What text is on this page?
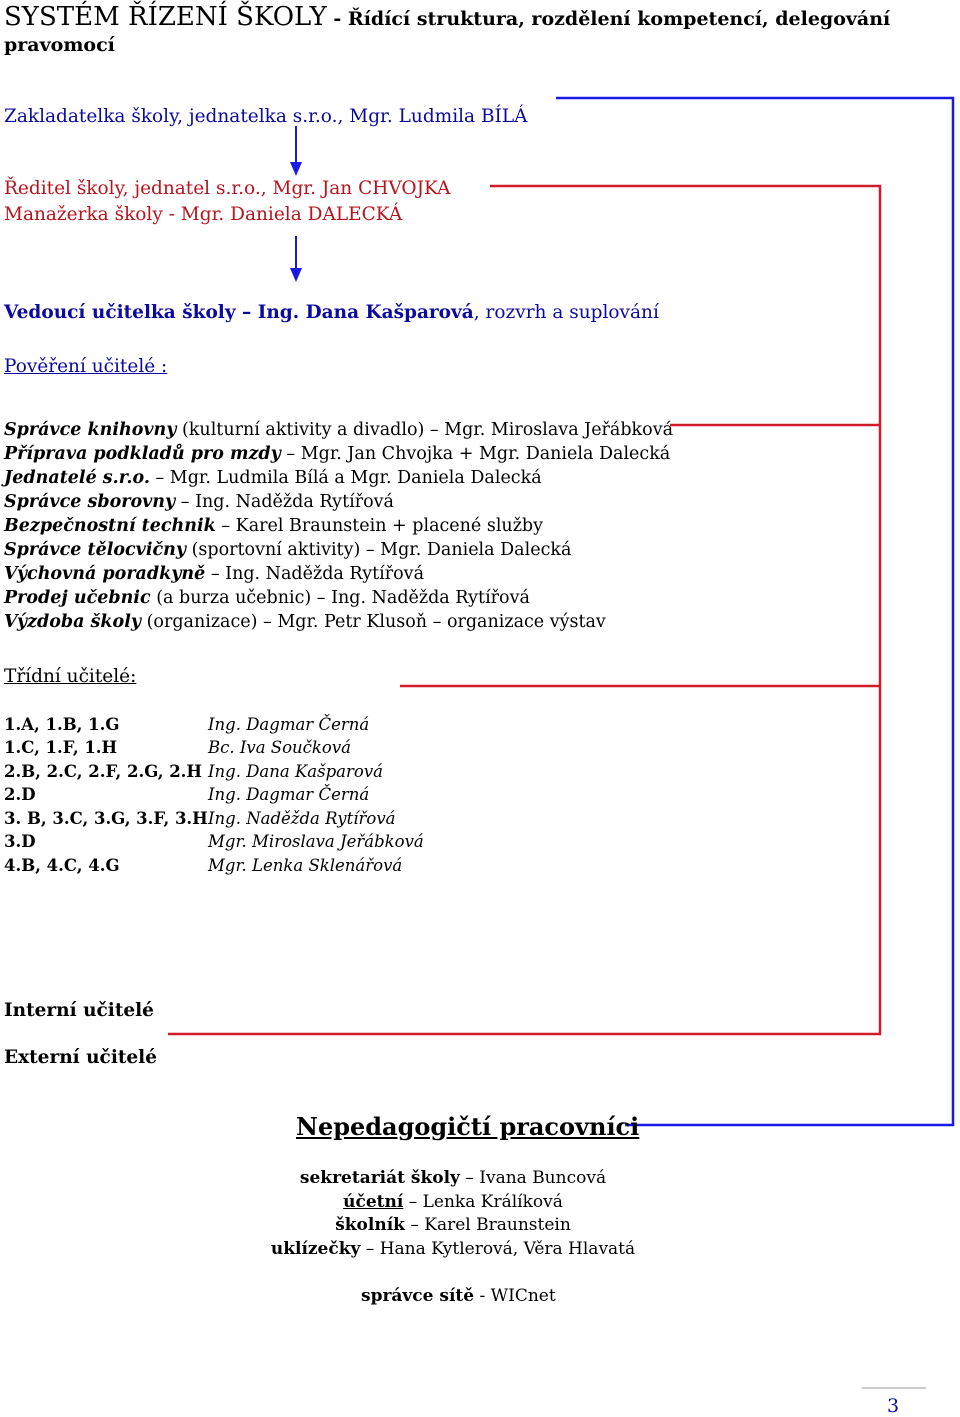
SYSTÉM ŘÍZENÍ ŠKOLY - Řídící struktura, rozdělení kompetencí, delegování
pravomocí
Zakladatelka školy, jednatelka s.r.o., Mgr. Ludmila BÍLÁ
Ředitel školy, jednatel s.r.o., Mgr. Jan CHVOJKA
Manažerka školy - Mgr. Daniela DALECKÁ
Vedoucí učitelka školy – Ing. Dana Kašparová, rozvrh a suplování
Pověření učitelé :
Správce knihovny (kulturní aktivity a divadlo) – Mgr. Miroslava Jeřábková
Příprava podkladů pro mzdy – Mgr. Jan Chvojka + Mgr. Daniela Dalecká
Jednatelé s.r.o. – Mgr. Ludmila Bílá a Mgr. Daniela Dalecká
Správce sborovny – Ing. Naděžda Rytířová
Bezpečnostní technik – Karel Braunstein + placené služby
Správce tělocvičny (sportovní aktivity) – Mgr. Daniela Dalecká
Výchovná poradkyně – Ing. Naděžda Rytířová
Prodej učebnic (a burza učebnic) – Ing. Naděžda Rytířová
Výzdoba školy (organizace) – Mgr. Petr Klusoň – organizace výstav
Třídní učitelé:
1.A, 1.B, 1.G	Ing. Dagmar Černá
1.C, 1.F, 1.H	Bc. Iva Součková
2.B, 2.C, 2.F, 2.G, 2.H Ing. Dana Kašparová
2.D	Ing. Dagmar Černá
3. B, 3.C, 3.G, 3.F, 3.H Ing. Naděžda Rytířová
3.D	Mgr. Miroslava Jeřábková
4.B, 4.C, 4.G	Mgr. Lenka Sklenářová
Interní učitelé
Externí učitelé
Nepedagogičtí pracovníci
sekretariát školy – Ivana Buncová
účetní – Lenka Králíková
školník – Karel Braunstein
uklízečky – Hana Kytlerová, Věra Hlavatá
správce sítě - WICnet
3
